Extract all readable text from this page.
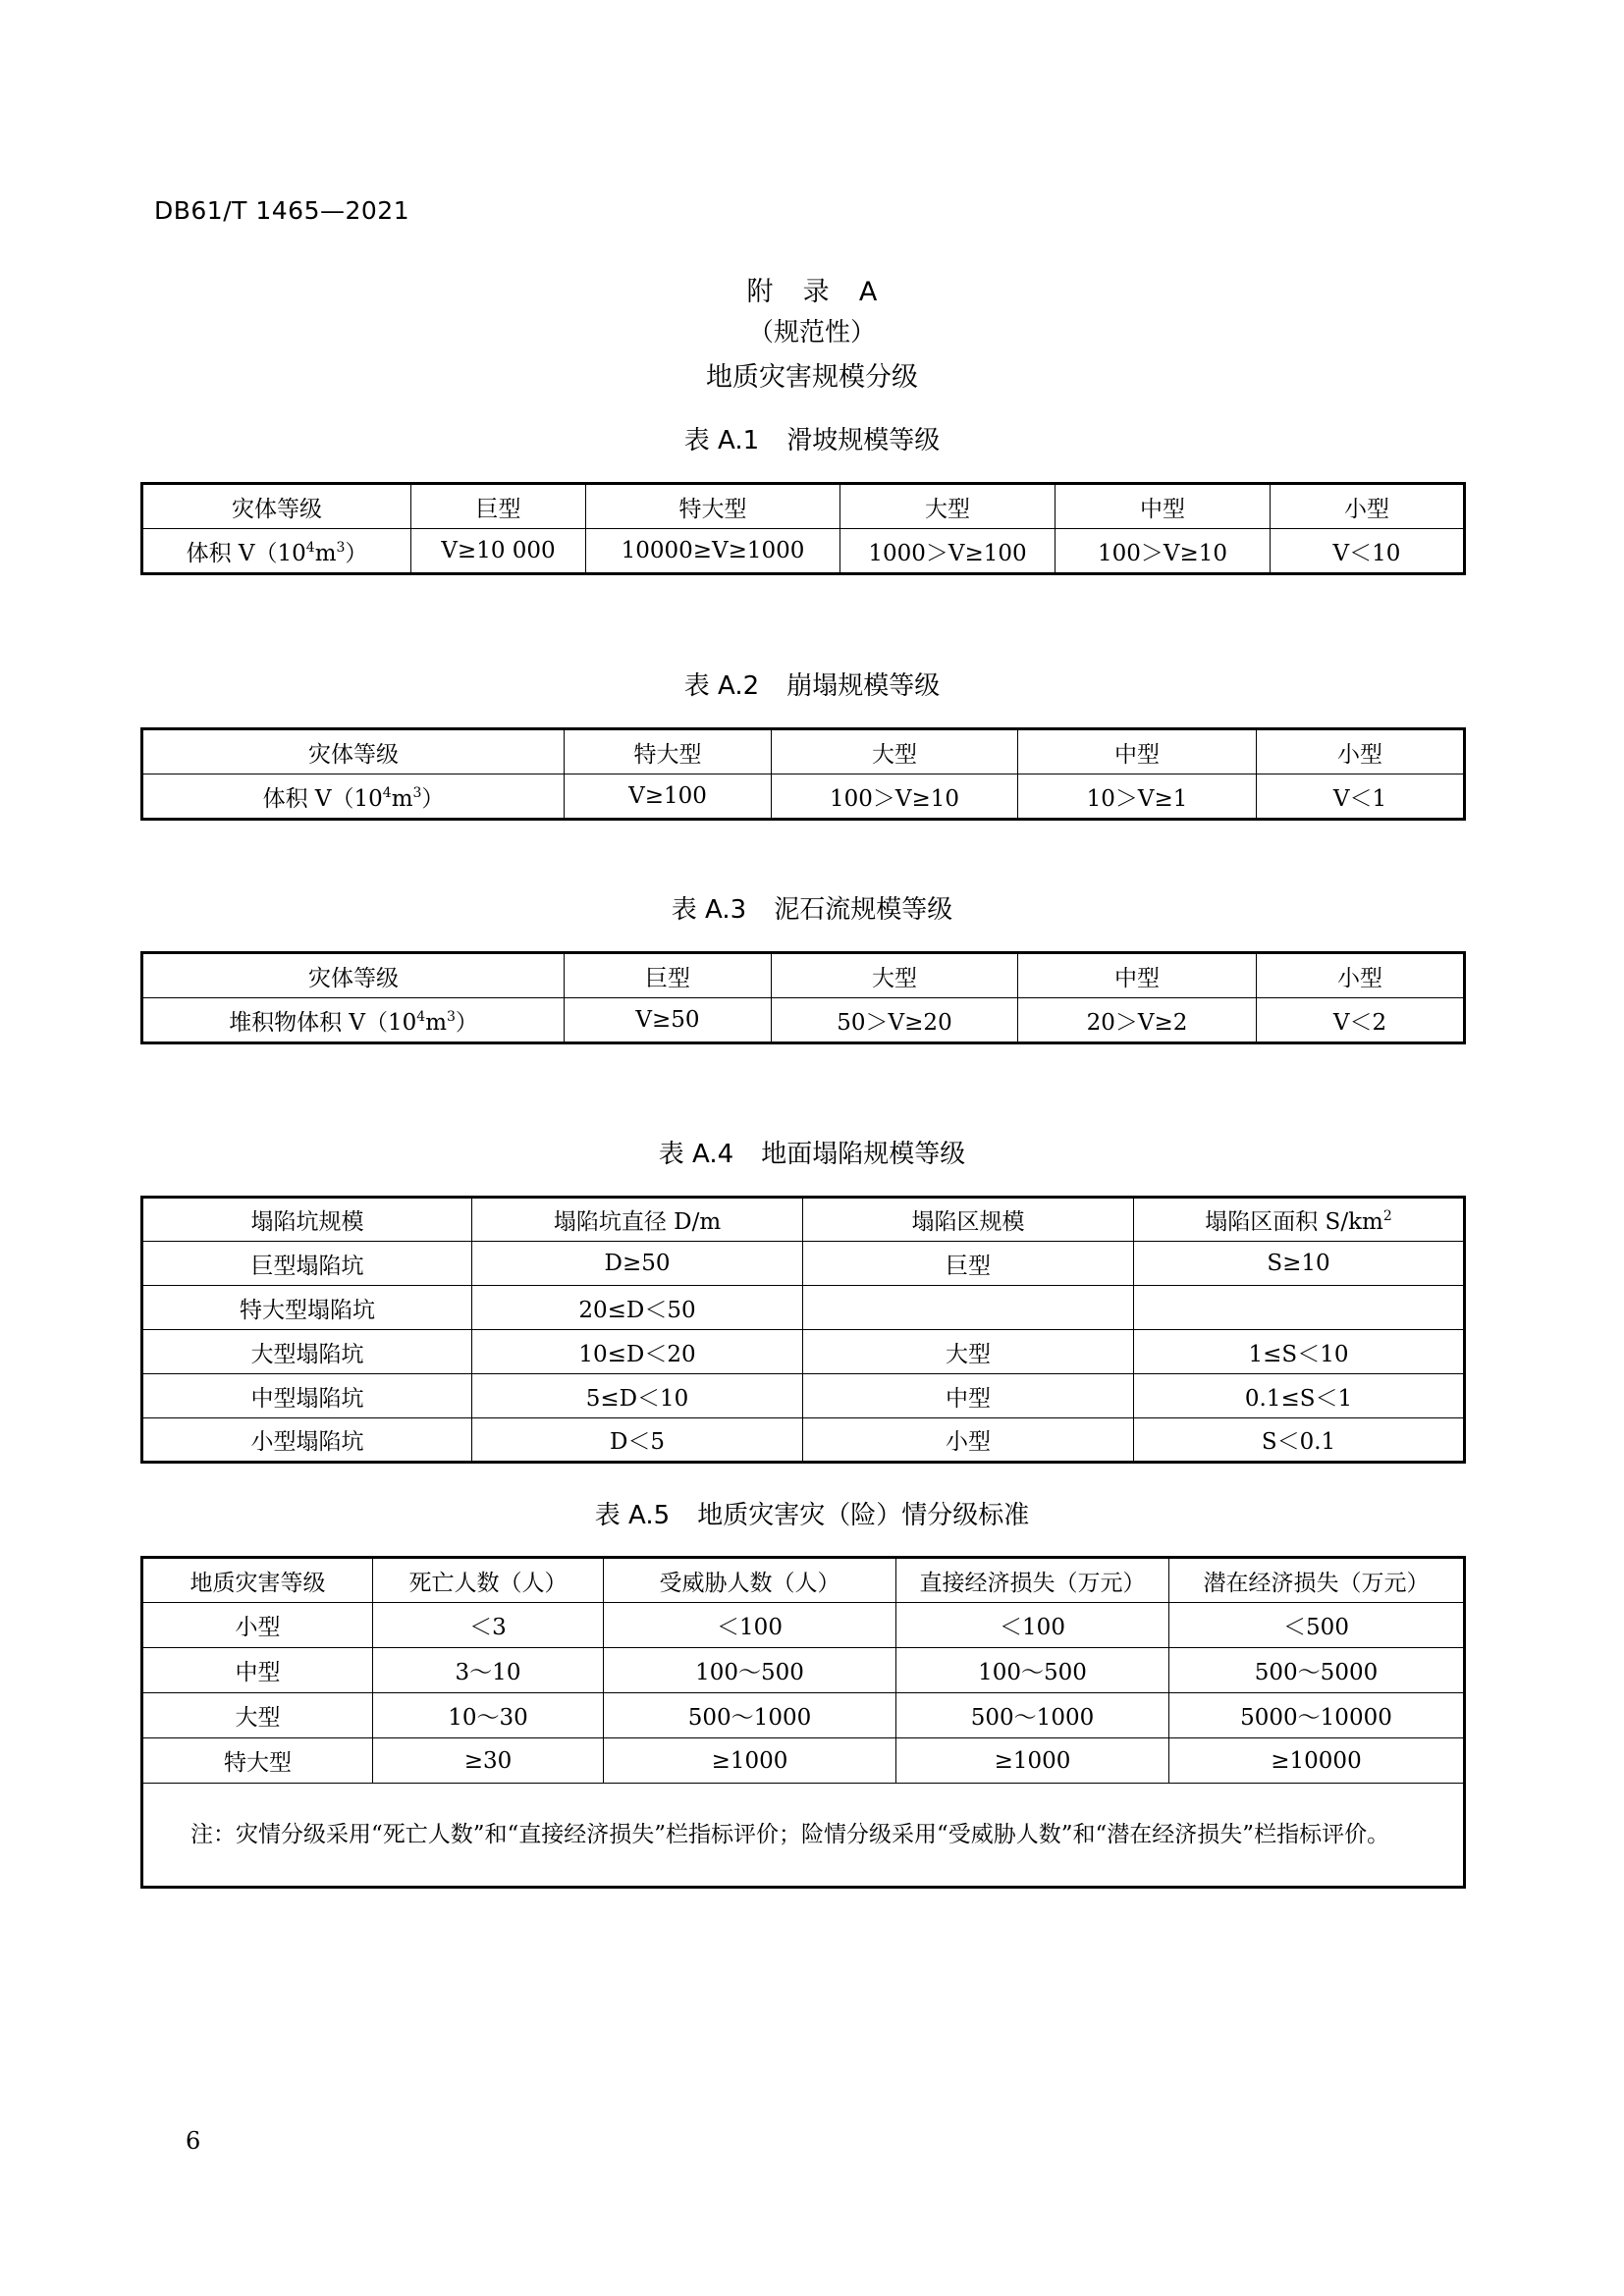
DB61/T 1465—2021
附 录 A
（规范性）
地质灾害规模分级
表 A.1 滑坡规模等级
灾体等级	巨型	特大型	大型	中型	小型
体积 $V(10^4m^3)$	V≥10 000	10000≥V≥1000	1000＞V≥100	100＞V≥10	V＜10
表 A.2 崩塌规模等级
灾体等级	特大型	大型	中型	小型
体积 $V(10^4m^3)$	V≥100	100＞V≥10	10＞V≥1	V＜1
表 A.3 泥石流规模等级
灾体等级	巨型	大型	中型	小型
堆积物体积 $V(10^4m^3)$	V≥50	50＞V≥20	20＞V≥2	V＜2
表 A.4 地面塌陷规模等级
塌陷坑规模	塌陷坑直径 D/m	塌陷区规模	塌陷区面积 $S/km^2$
巨型塌陷坑	D≥50	巨型	S≥10
特大型塌陷坑	20≤D＜50		
大型塌陷坑	10≤D＜20	大型	1≤S＜10
中型塌陷坑	5≤D＜10	中型	0.1≤S＜1
小型塌陷坑	D＜5	小型	S＜0.1
表 A.5 地质灾害灾（险）情分级标准
地质灾害等级	死亡人数（人）	受威胁人数（人）	直接经济损失（万元）	潜在经济损失（万元）
小型	＜3	＜100	＜100	＜500
中型	3～10	100～500	100～500	500～5000
大型	10～30	500～1000	500～1000	5000～10000
特大型	≥30	≥1000	≥1000	≥10000
注：灾情分级采用“死亡人数”和“直接经济损失”栏指标评价；险情分级采用“受威胁人数”和“潜在经济损失”栏指标评价。				
6
